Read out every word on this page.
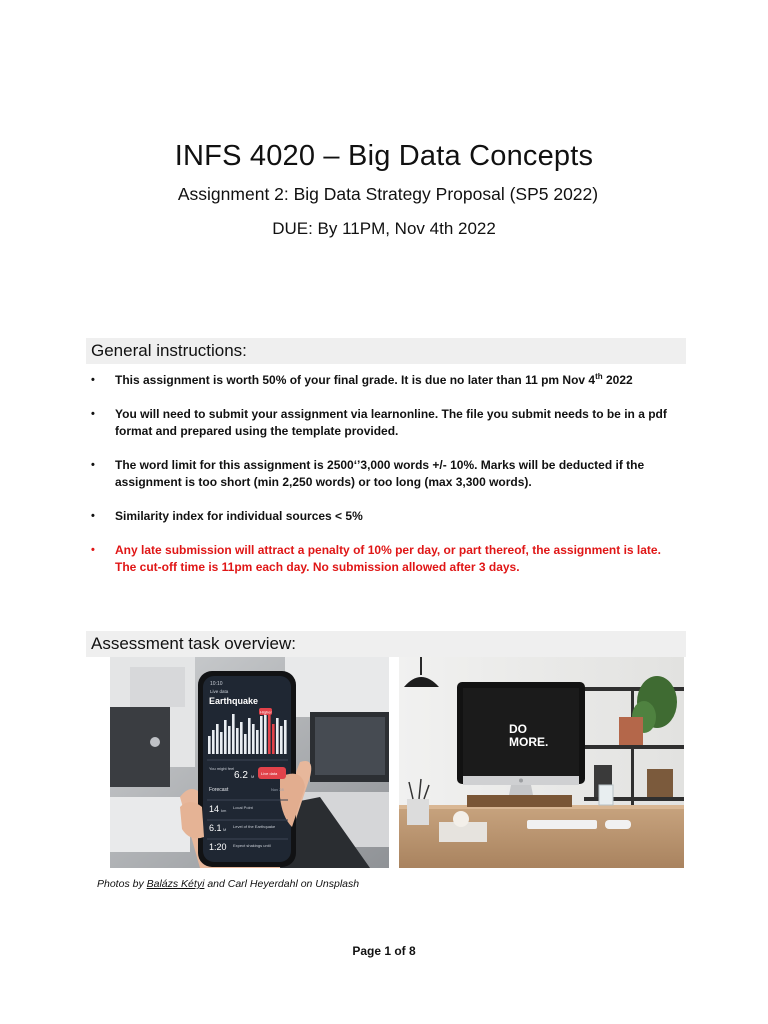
INFS 4020 – Big Data Concepts
Assignment 2: Big Data Strategy Proposal (SP5 2022)
DUE: By 11PM, Nov 4th 2022
General instructions:
• This assignment is worth 50% of your final grade. It is due no later than 11 pm Nov 4th 2022
• You will need to submit your assignment via learnonline. The file you submit needs to be in a pdf format and prepared using the template provided.
• The word limit for this assignment is 2500‘’3,000 words +/- 10%. Marks will be deducted if the assignment is too short (min 2,250 words) or too long (max 3,300 words).
• Similarity index for individual sources < 5%
• Any late submission will attract a penalty of 10% per day, or part thereof, the assignment is late. The cut-off time is 11pm each day. No submission allowed after 3 days.
Assessment task overview:
10:10
Live data
Earthquake
Higher
You might feel
6.2 M
Live data
Forecast	Nov 28
14 km
Local Point
6.1 M
Level of the Earthquake
1:20 Expect shakings until
DO
MORE.
Photos by Balázs Kétyi and Carl Heyerdahl on Unsplash
Page 1 of 8
